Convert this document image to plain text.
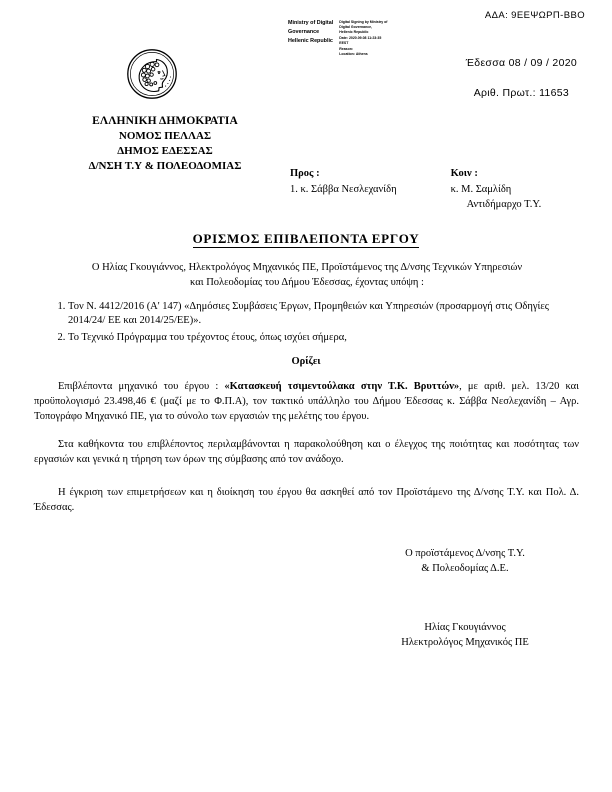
ΑΔΑ: 9ΕΕΨΩΡΠ-ΒΒΟ
Ministry of Digital
Governance
Hellenic Republic
Digital Signing by Ministry of
Digital Governance,
Hellenic Republic
Date: 2020.09.08 11:23:35
EEST
Reason:
Location: Athens
Έδεσσα 08 / 09 / 2020
Αριθ. Πρωτ.: 11653
ΕΛΛΗΝΙΚΗ ΔΗΜΟΚΡΑΤΙΑ
ΝΟΜΟΣ ΠΕΛΛΑΣ
ΔΗΜΟΣ ΕΔΕΣΣΑΣ
Δ/ΝΣΗ Τ.Υ & ΠΟΛΕΟΔΟΜΙΑΣ
Προς :
1. κ. Σάββα Νεσλεχανίδη
Κοιν :
κ. Μ. Σαμλίδη
Αντιδήμαρχο Τ.Υ.
ΟΡΙΣΜΟΣ ΕΠΙΒΛΕΠΟΝΤΑ ΕΡΓΟΥ
Ο Ηλίας Γκουγιάννος, Ηλεκτρολόγος Μηχανικός ΠΕ, Προϊστάμενος της Δ/νσης Τεχνικών Υπηρεσιών
και Πολεοδομίας του Δήμου Έδεσσας, έχοντας υπόψη :
1. Τον Ν. 4412/2016 (Α' 147) «Δημόσιες Συμβάσεις Έργων, Προμηθειών και Υπηρεσιών (προσαρμογή στις Οδηγίες 2014/24/ ΕΕ και 2014/25/ΕΕ)».
2. Το Τεχνικό Πρόγραμμα του τρέχοντος έτους, όπως ισχύει σήμερα,
Ορίζει
Επιβλέποντα μηχανικό του έργου : «Κατασκευή τσιμεντούλακα στην Τ.Κ. Βρυττών», με αριθ. μελ. 13/20 και προϋπολογισμό 23.498,46 € (μαζί με το Φ.Π.Α), τον τακτικό υπάλληλο του Δήμου Έδεσσας κ. Σάββα Νεσλεχανίδη – Αγρ. Τοπογράφο Μηχανικό ΠΕ, για το σύνολο των εργασιών της μελέτης του έργου.
Στα καθήκοντα του επιβλέποντος περιλαμβάνονται η παρακολούθηση και ο έλεγχος της ποιότητας και ποσότητας των εργασιών και γενικά η τήρηση των όρων της σύμβασης από τον ανάδοχο.
Η έγκριση των επιμετρήσεων και η διοίκηση του έργου θα ασκηθεί από τον Προϊστάμενο της Δ/νσης Τ.Υ. και Πολ. Δ. Έδεσσας.
Ο προϊστάμενος Δ/νσης Τ.Υ.
& Πολεοδομίας Δ.Ε.
Ηλίας Γκουγιάννος
Ηλεκτρολόγος Μηχανικός ΠΕ
